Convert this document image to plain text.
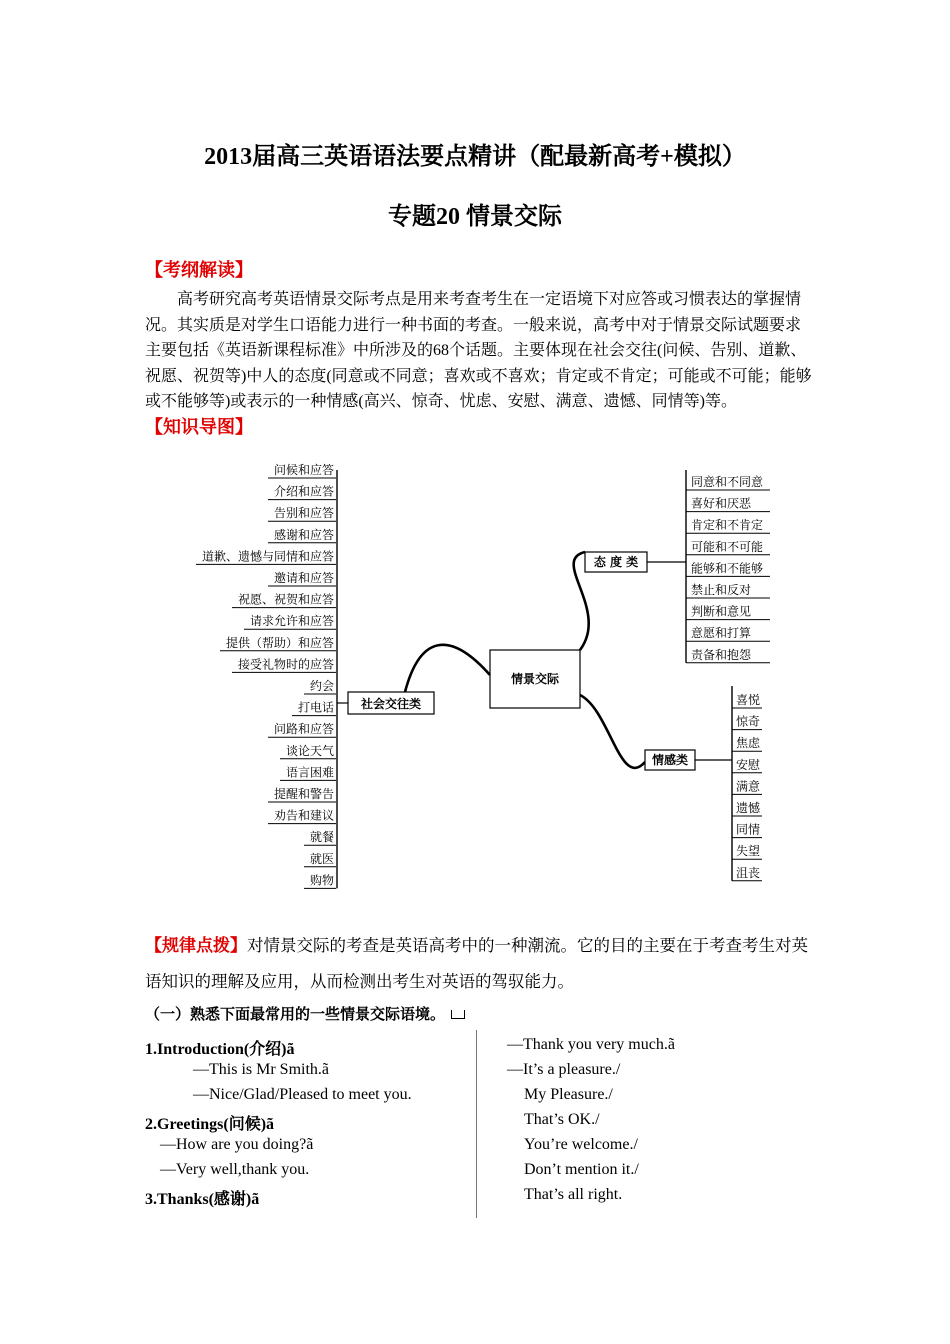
2013届高三英语语法要点精讲（配最新高考+模拟）
专题20 情景交际
【考纲解读】

高考研究高考英语情景交际考点是用来考查考生在一定语境下对应答或习惯表达的掌握情况。其实质是对学生口语能力进行一种书面的考查。一般来说，高考中对于情景交际试题要求主要包括《英语新课程标准》中所涉及的68个话题。主要体现在社会交往(问候、告别、道歉、祝愿、祝贺等)中人的态度(同意或不同意；喜欢或不喜欢；肯定或不肯定；可能或不可能；能够或不能够等)或表示的一种情感(高兴、惊奇、忧虑、安慰、满意、遗憾、同情等)等。

【知识导图】
情景交际
问候和应答
介绍和应答
告别和应答
感谢和应答
道歉、遗憾与同情和应答
邀请和应答
祝愿、祝贺和应答
请求允许和应答
提供（帮助）和应答
接受礼物时的应答
约会
打电话
问路和应答
谈论天气
语言困难
提醒和警告
劝告和建议
就餐
就医
购物
社会交往类
态 度 类
同意和不同意
喜好和厌恶
肯定和不肯定
可能和不可能
能够和不能够
禁止和反对
判断和意见
意愿和打算
责备和抱怨
情感类
喜悦
惊奇
焦虑
安慰
满意
遗憾
同情
失望
沮丧
【规律点拨】对情景交际的考查是英语高考中的一种潮流。它的目的主要在于考查考生对英语知识的理解及应用，从而检测出考生对英语的驾驭能力。
（一）熟悉下面最常用的一些情景交际语境。
1.Introduction(介绍)ã
—This is Mr Smith.ã
—Nice/Glad/Pleased to meet you.
2.Greetings(问候)ã
—How are you doing?ã
—Very well,thank you.
3.Thanks(感谢)ã
—Thank you very much.ã
—It’s a pleasure./
My Pleasure./
That’s OK./
You’re welcome./
Don’t mention it./
That’s all right.
